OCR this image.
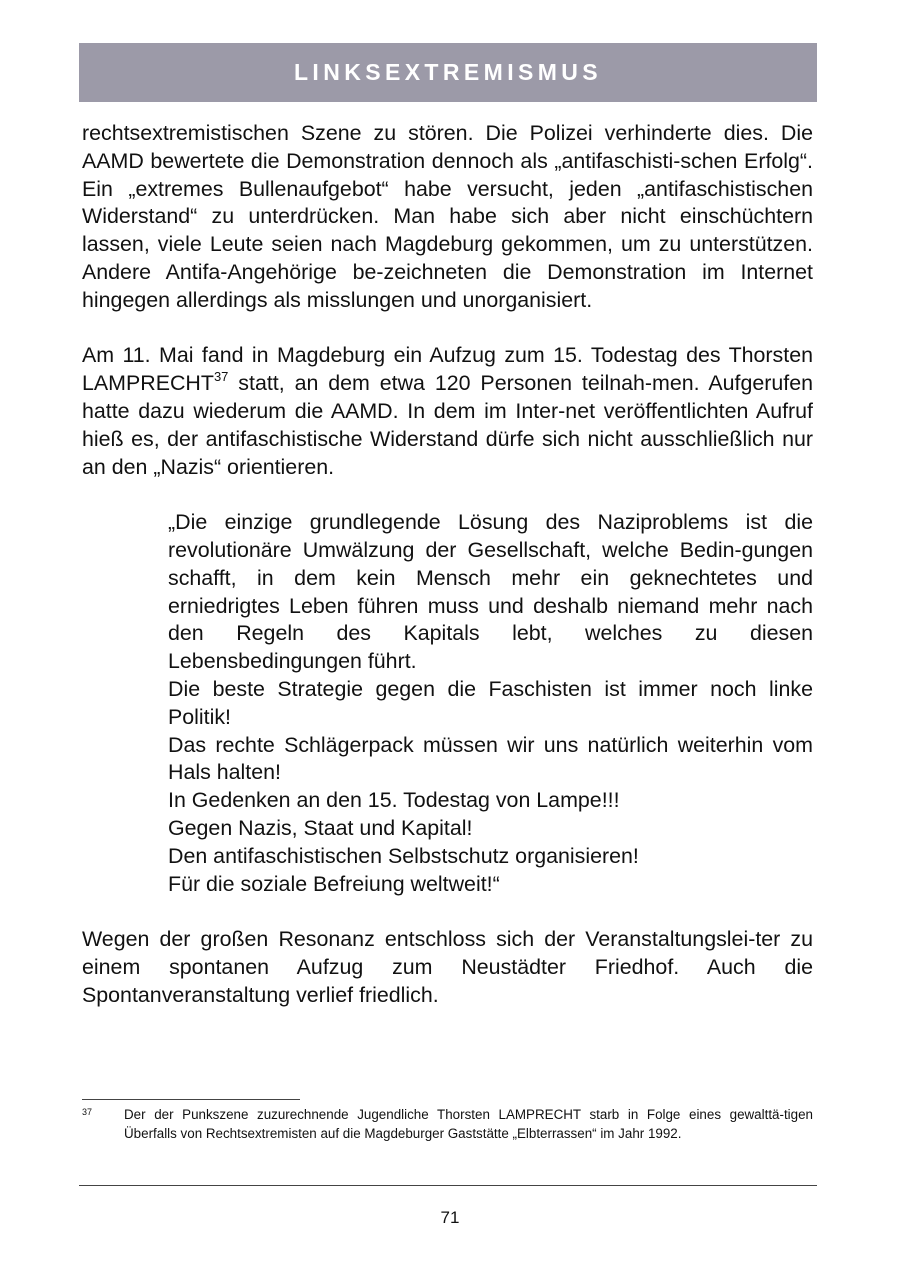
LINKSEXTREMISMUS

rechtsextremistischen Szene zu stören. Die Polizei verhinderte dies. Die AAMD bewertete die Demonstration dennoch als „antifaschisti-schen Erfolg“. Ein „extremes Bullenaufgebot“ habe versucht, jeden „antifaschistischen Widerstand“ zu unterdrücken. Man habe sich aber nicht einschüchtern lassen, viele Leute seien nach Magdeburg gekommen, um zu unterstützen. Andere Antifa-Angehörige be-zeichneten die Demonstration im Internet hingegen allerdings als misslungen und unorganisiert.

Am 11. Mai fand in Magdeburg ein Aufzug zum 15. Todestag des Thorsten LAMPRECHT$^{37}$ statt, an dem etwa 120 Personen teilnah-men. Aufgerufen hatte dazu wiederum die AAMD. In dem im Inter-net veröffentlichten Aufruf hieß es, der antifaschistische Widerstand dürfe sich nicht ausschließlich nur an den „Nazis“ orientieren.

„Die einzige grundlegende Lösung des Naziproblems ist die revolutionäre Umwälzung der Gesellschaft, welche Bedin-gungen schafft, in dem kein Mensch mehr ein geknechtetes und erniedrigtes Leben führen muss und deshalb niemand mehr nach den Regeln des Kapitals lebt, welches zu diesen Lebensbedingungen führt.

Die beste Strategie gegen die Faschisten ist immer noch linke Politik!

Das rechte Schlägerpack müssen wir uns natürlich weiterhin vom Hals halten!

In Gedenken an den 15. Todestag von Lampe!!!

Gegen Nazis, Staat und Kapital!

Den antifaschistischen Selbstschutz organisieren!

Für die soziale Befreiung weltweit!“

Wegen der großen Resonanz entschloss sich der Veranstaltungslei-ter zu einem spontanen Aufzug zum Neustädter Friedhof. Auch die Spontanveranstaltung verlief friedlich.

37	Der der Punkszene zuzurechnende Jugendliche Thorsten LAMPRECHT starb in Folge eines gewalttä-tigen Überfalls von Rechtsextremisten auf die Magdeburger Gaststätte „Elbterrassen“ im Jahr 1992.
71
